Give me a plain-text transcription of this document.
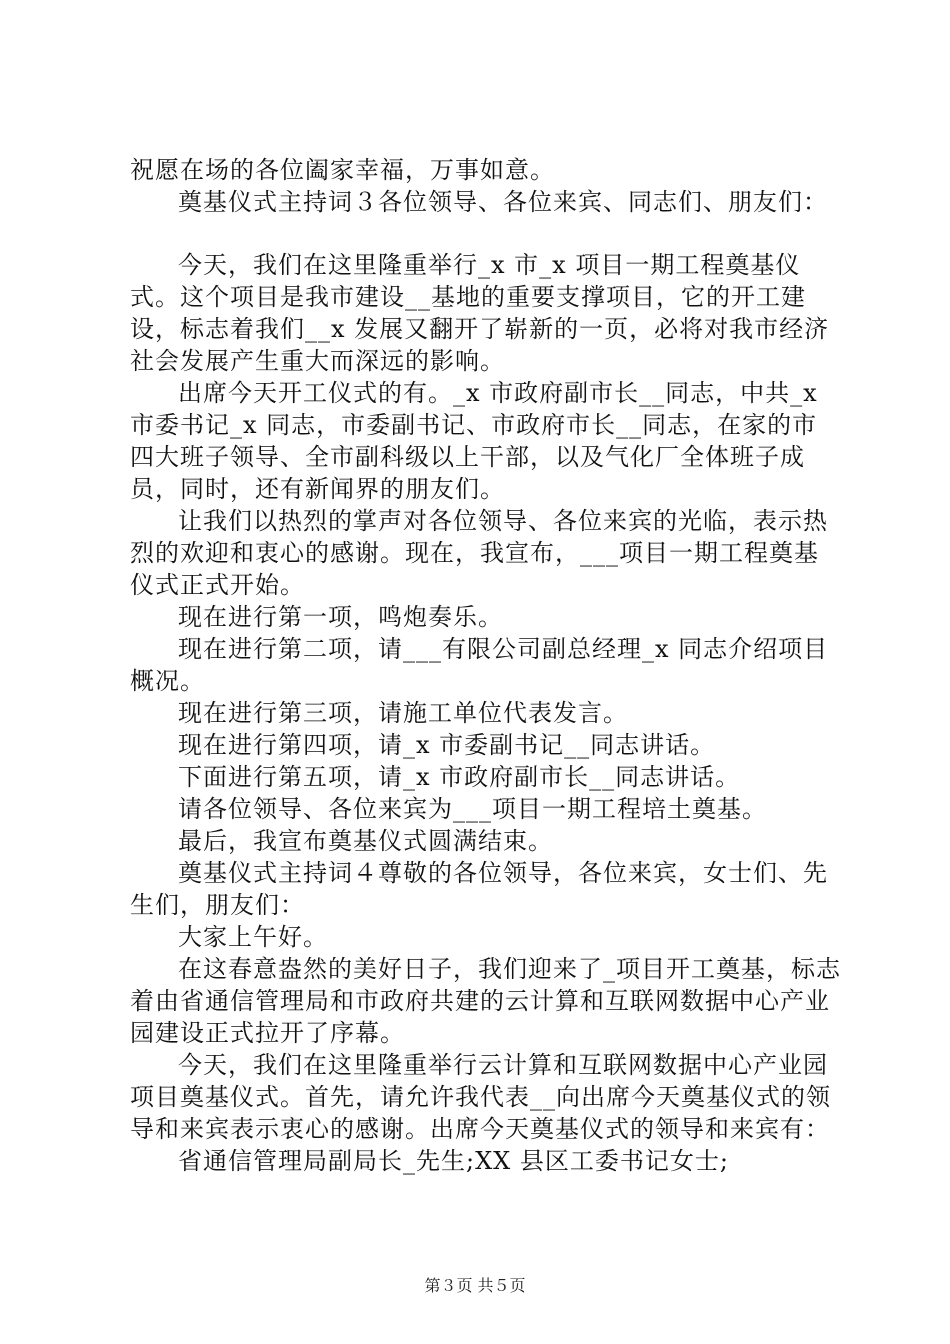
祝愿在场的各位阖家幸福，万事如意。

奠基仪式主持词３各位领导、各位来宾、同志们、朋友们：

今天，我们在这里隆重举行_x 市_x 项目一期工程奠基仪式。这个项目是我市建设__基地的重要支撑项目，它的开工建设，标志着我们__x 发展又翻开了崭新的一页，必将对我市经济社会发展产生重大而深远的影响。

出席今天开工仪式的有。_x 市政府副市长__同志，中共_x 市委书记_x 同志，市委副书记、市政府市长__同志，在家的市四大班子领导、全市副科级以上干部，以及气化厂全体班子成员，同时，还有新闻界的朋友们。

让我们以热烈的掌声对各位领导、各位来宾的光临，表示热烈的欢迎和衷心的感谢。现在，我宣布，___项目一期工程奠基仪式正式开始。

现在进行第一项，鸣炮奏乐。

现在进行第二项，请___有限公司副总经理_x 同志介绍项目概况。

现在进行第三项，请施工单位代表发言。

现在进行第四项，请_x 市委副书记__同志讲话。

下面进行第五项，请_x 市政府副市长__同志讲话。

请各位领导、各位来宾为___项目一期工程培土奠基。

最后，我宣布奠基仪式圆满结束。

奠基仪式主持词４尊敬的各位领导，各位来宾，女士们、先生们，朋友们：

大家上午好。

在这春意盎然的美好日子，我们迎来了_项目开工奠基，标志着由省通信管理局和市政府共建的云计算和互联网数据中心产业园建设正式拉开了序幕。

今天，我们在这里隆重举行云计算和互联网数据中心产业园项目奠基仪式。首先，请允许我代表__向出席今天奠基仪式的领导和来宾表示衷心的感谢。出席今天奠基仪式的领导和来宾有：

省通信管理局副局长_先生;XX 县区工委书记女士;

第３页 共５页
